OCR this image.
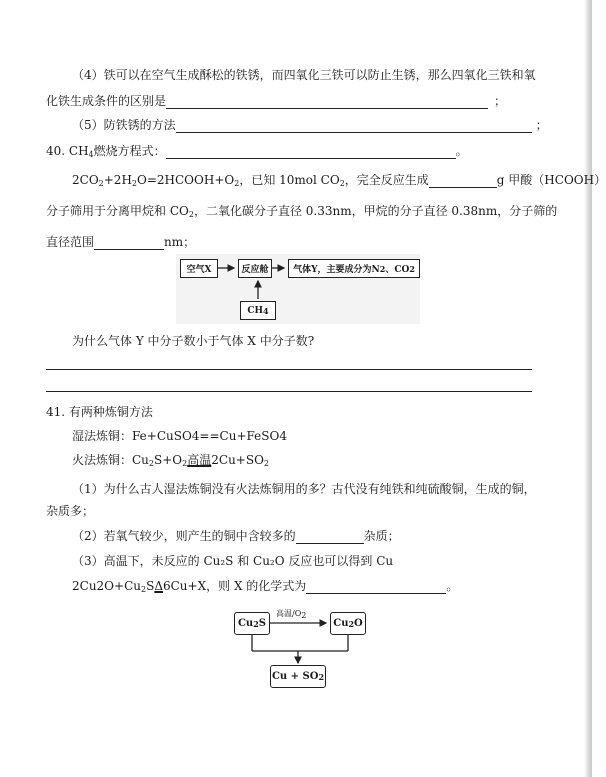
（4）铁可以在空气生成酥松的铁锈，而四氧化三铁可以防止生锈，那么四氧化三铁和氧
化铁生成条件的区别是	；
（5）防铁锈的方法	；
40. $CH_4$燃烧方程式：	。
$2CO_2+2H_2O=2HCOOH+O_2$，已知 10mol $CO_2$，完全反应生成	g 甲酸（HCOOH）
分子筛用于分离甲烷和 $CO_2$，二氧化碳分子直径 0.33nm，甲烷的分子直径 0.38nm，分子筛的
直径范围	nm；
空气X	反应舱	气体Y，主要成分为N 2 、CO 2
CH 4
为什么气体 Y 中分子数小于气体 X 中分子数?
41. 有两种炼铜方法
湿法炼铜：Fe+CuSO4==Cu+FeSO4
火法炼铜：$Cu_2S+O_2$高温$2Cu+SO_2$
（1）为什么古人湿法炼铜没有火法炼铜用的多？古代没有纯铁和纯硫酸铜，生成的铜，
杂质多；
（2）若氧气较少，则产生的铜中含较多的	杂质；
（3）高温下，未反应的 Cu₂S 和 Cu₂O 反应也可以得到 Cu
$2Cu2O+Cu_2S\Delta 6Cu+X$，则 X 的化学式为	。
高温$/O_2$
Cu 2 S	Cu 2 O
Cu + SO 2
